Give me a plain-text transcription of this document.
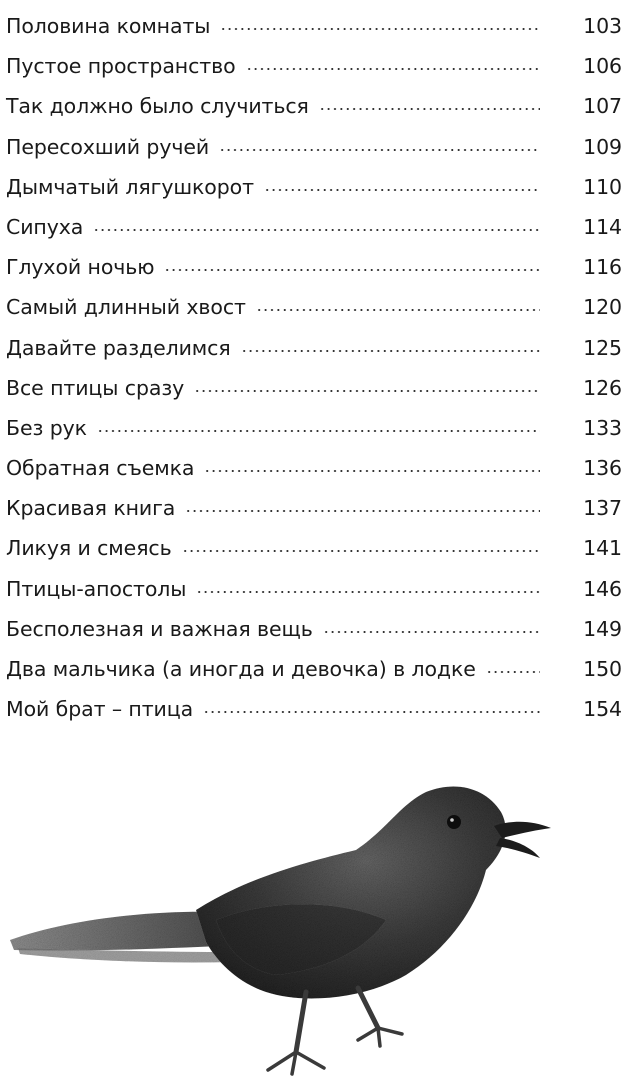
Половина комнаты	103
Пустое пространство	106
Так должно было случиться	107
Пересохший ручей	109
Дымчатый лягушкорот	110
Сипуха	114
Глухой ночью	116
Самый длинный хвост	120
Давайте разделимся	125
Все птицы сразу	126
Без рук	133
Обратная съемка	136
Красивая книга	137
Ликуя и смеясь	141
Птицы-апостолы	146
Бесполезная и важная вещь	149
Два мальчика (а иногда и девочка) в лодке	150
Мой брат – птица	154
